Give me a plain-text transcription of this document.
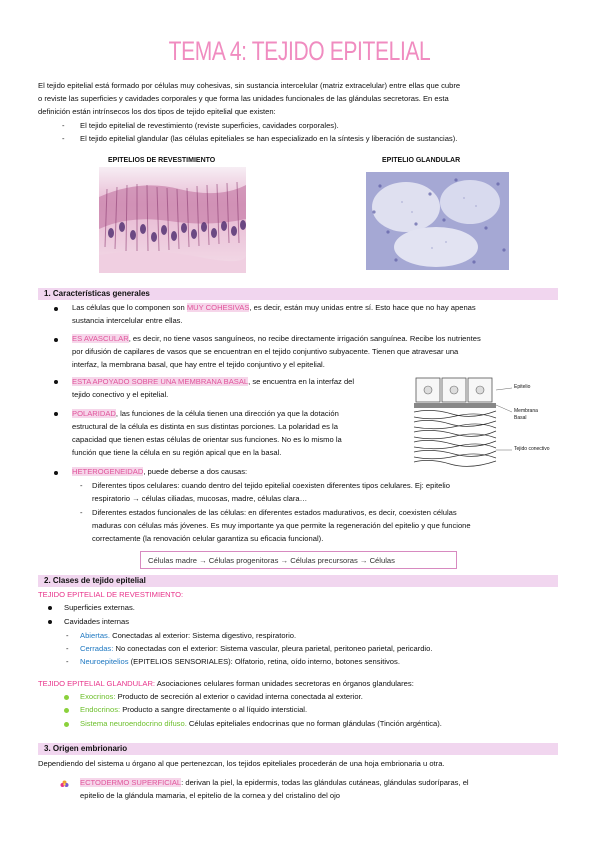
TEMA 4: TEJIDO EPITELIAL
El tejido epitelial está formado por células muy cohesivas, sin sustancia intercelular (matriz extracelular) entre ellas que cubre
o reviste las superficies y cavidades corporales y que forma las unidades funcionales de las glándulas secretoras. En esta
definición están intrínsecos los dos tipos de tejido epitelial que existen:
- El tejido epitelial de revestimiento (reviste superficies, cavidades corporales).
- El tejido epitelial glandular (las células epiteliales se han especializado en la síntesis y liberación de sustancias).
EPITELIOS DE REVESTIMIENTO	EPITELIO GLANDULAR
1. Características generales
Las células que lo componen son MUY COHESIVAS, es decir, están muy unidas entre sí. Esto hace que no hay apenas
sustancia intercelular entre ellas.
ES AVASCULAR, es decir, no tiene vasos sanguíneos, no recibe directamente irrigación sanguínea. Recibe los nutrientes
por difusión de capilares de vasos que se encuentran en el tejido conjuntivo subyacente. Tienen que atravesar una
interfaz, la membrana basal, que hay entre el tejido conjuntivo y el epitelial.
ESTA APOYADO SOBRE UNA MEMBRANA BASAL, se encuentra en la interfaz del
tejido conectivo y el epitelial.
POLARIDAD, las funciones de la célula tienen una dirección ya que la dotación
estructural de la célula es distinta en sus distintas porciones. La polaridad es la
capacidad que tienen estas células de orientar sus funciones. No es lo mismo la
función que tiene la célula en su región apical que en la basal.
Epitelio
Membrana
Basal
Tejido conectivo
HETEROGENEIDAD, puede deberse a dos causas:
- Diferentes tipos celulares: cuando dentro del tejido epitelial coexisten diferentes tipos celulares. Ej: epitelio
respiratorio → células ciliadas, mucosas, madre, células clara…
- Diferentes estados funcionales de las células: en diferentes estados madurativos, es decir, coexisten células
maduras con células más jóvenes. Es muy importante ya que permite la regeneración del epitelio y que funcione
correctamente (la renovación celular garantiza su eficacia funcional).
Células madre → Células progenitoras → Células precursoras → Células
2. Clases de tejido epitelial
TEJIDO EPITELIAL DE REVESTIMIENTO:
Superficies externas.
Cavidades internas
- Abiertas. Conectadas al exterior: Sistema digestivo, respiratorio.
- Cerradas: No conectadas con el exterior: Sistema vascular, pleura parietal, peritoneo parietal, pericardio.
- Neuroepitelios (EPITELIOS SENSORIALES): Olfatorio, retina, oído interno, botones sensitivos.
TEJIDO EPITELIAL GLANDULAR: Asociaciones celulares forman unidades secretoras en órganos glandulares:
Exocrinos: Producto de secreción al exterior o cavidad interna conectada al exterior.
Endocrinos: Producto a sangre directamente o al líquido intersticial.
Sistema neuroendocrino difuso. Células epiteliales endocrinas que no forman glándulas (Tinción argéntica).
3. Origen embrionario
Dependiendo del sistema u órgano al que pertenezcan, los tejidos epiteliales procederán de una hoja embrionaria u otra.
ECTODERMO SUPERFICIAL: derivan la piel, la epidermis, todas las glándulas cutáneas, glándulas sudoríparas, el
epitelio de la glándula mamaria, el epitelio de la cornea y del cristalino del ojo
